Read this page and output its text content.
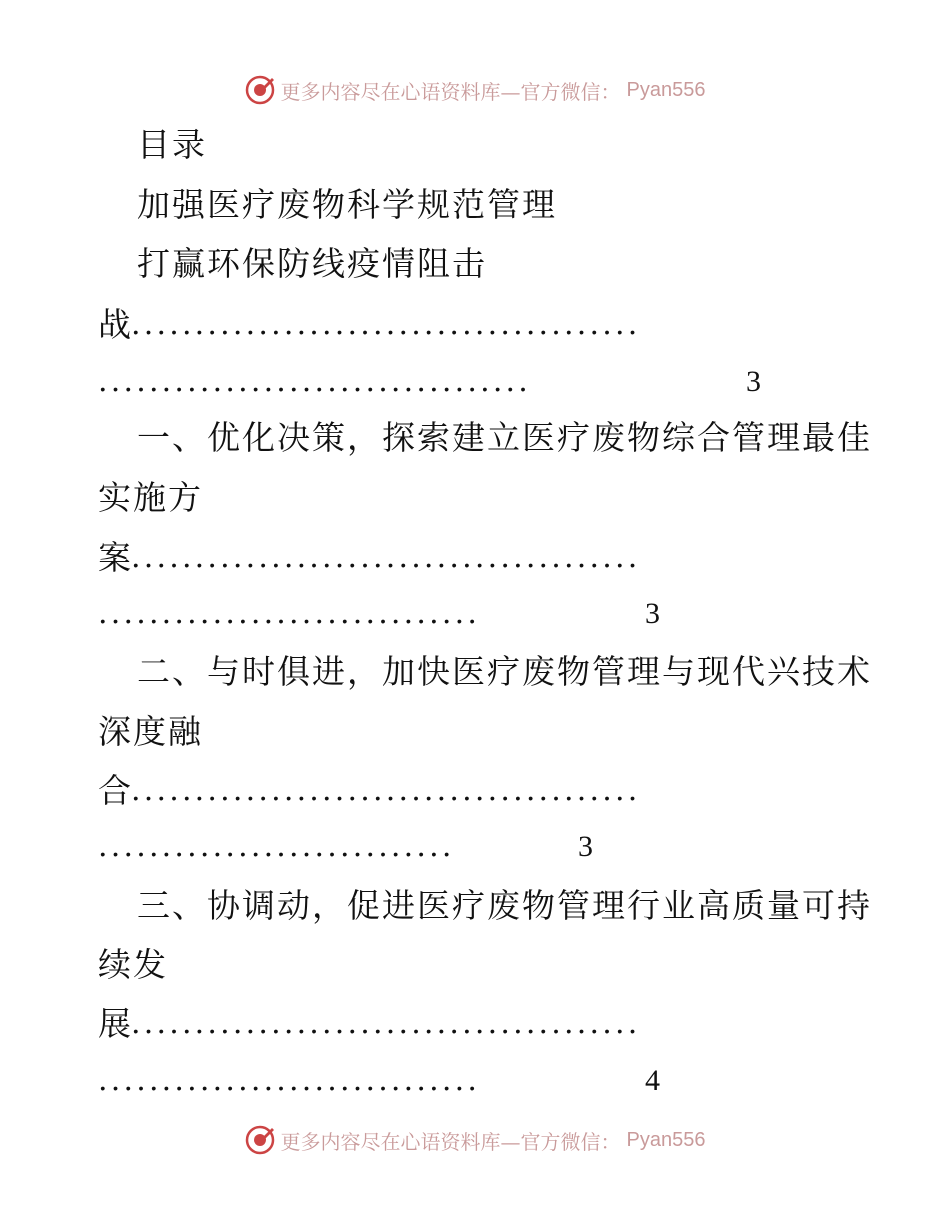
更多内容尽在心语资料库—官方微信： Pyan556
目录
加强医疗废物科学规范管理
打赢环保防线疫情阻击
战
........................................
..................................	3
一、优化决策，探索建立医疗废物综合管理最佳
实施方
案
........................................
..............................	3
二、与时俱进，加快医疗废物管理与现代兴技术
深度融
合
........................................
............................	3
三、协调动，促进医疗废物管理行业高质量可持
续发
展
........................................
..............................	4
更多内容尽在心语资料库—官方微信： Pyan556
